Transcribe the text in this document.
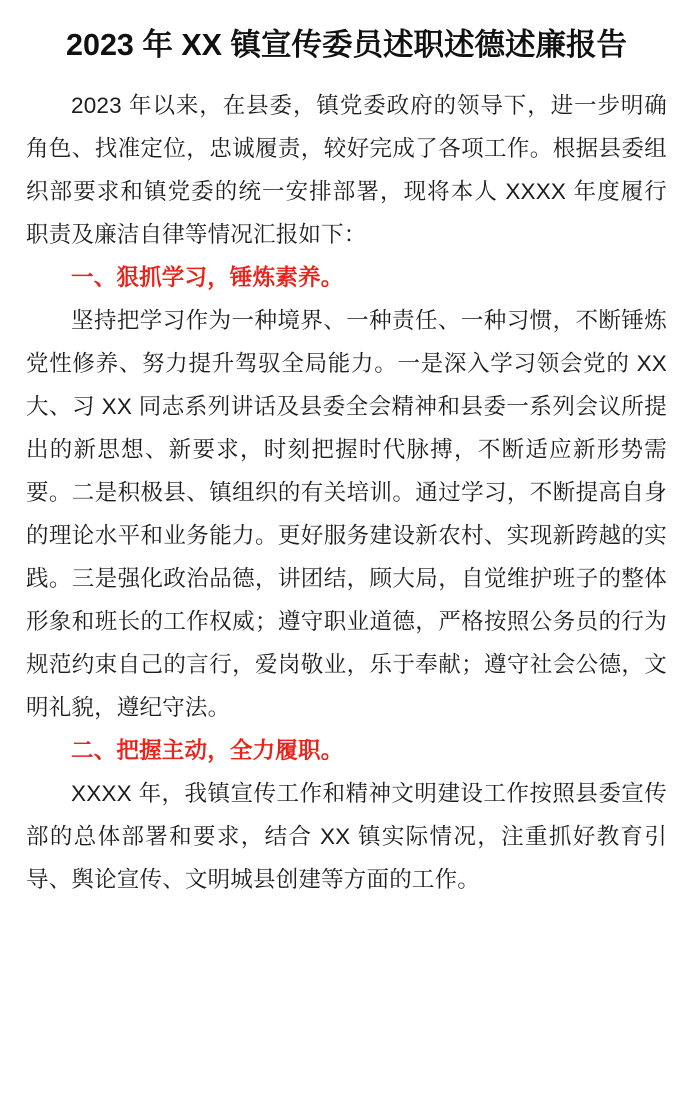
2023 年 XX 镇宣传委员述职述德述廉报告

2023 年以来，在县委，镇党委政府的领导下，进一步明确角色、找准定位，忠诚履责，较好完成了各项工作。根据县委组织部要求和镇党委的统一安排部署，现将本人 XXXX 年度履行职责及廉洁自律等情况汇报如下：

一、狠抓学习，锤炼素养。

坚持把学习作为一种境界、一种责任、一种习惯，不断锤炼党性修养、努力提升驾驭全局能力。一是深入学习领会党的 XX 大、习 XX 同志系列讲话及县委全会精神和县委一系列会议所提出的新思想、新要求，时刻把握时代脉搏，不断适应新形势需要。二是积极县、镇组织的有关培训。通过学习，不断提高自身的理论水平和业务能力。更好服务建设新农村、实现新跨越的实践。三是强化政治品德，讲团结，顾大局，自觉维护班子的整体形象和班长的工作权威；遵守职业道德，严格按照公务员的行为规范约束自己的言行，爱岗敬业，乐于奉献；遵守社会公德，文明礼貌，遵纪守法。

二、把握主动，全力履职。

XXXX 年，我镇宣传工作和精神文明建设工作按照县委宣传部的总体部署和要求，结合 XX 镇实际情况，注重抓好教育引导、舆论宣传、文明城县创建等方面的工作。
